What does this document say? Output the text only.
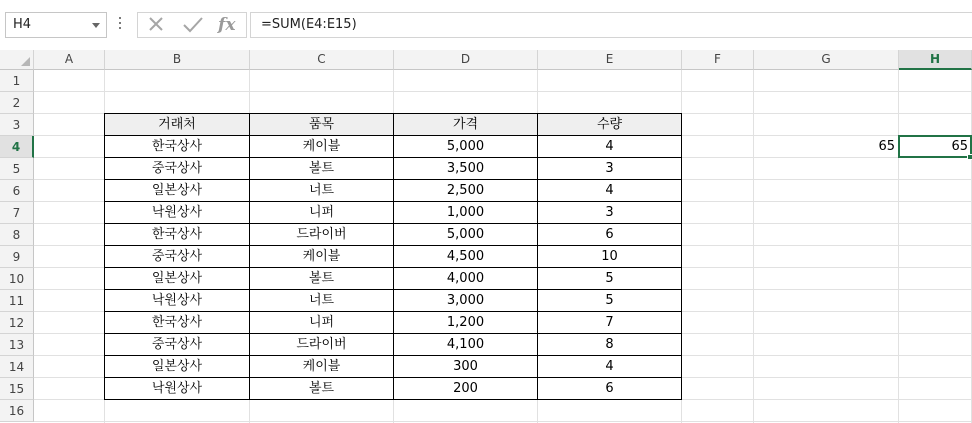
H4	fx =SUM(E4:E15)
A	B	C	D	E	F	G	H
1
2
3
4
5
6
7
8
9
10
11
12
13
14
15
16
거래처	품목	가격	수량
한국상사	케이블	5,000	4
중국상사	볼트	3,500	3
일본상사	너트	2,500	4
낙원상사	니퍼	1,000	3
한국상사	드라이버	5,000	6
중국상사	케이블	4,500	10
일본상사	볼트	4,000	5
낙원상사	너트	3,000	5
한국상사	니퍼	1,200	7
중국상사	드라이버	4,100	8
일본상사	케이블	300	4
낙원상사	볼트	200	6
65	65
